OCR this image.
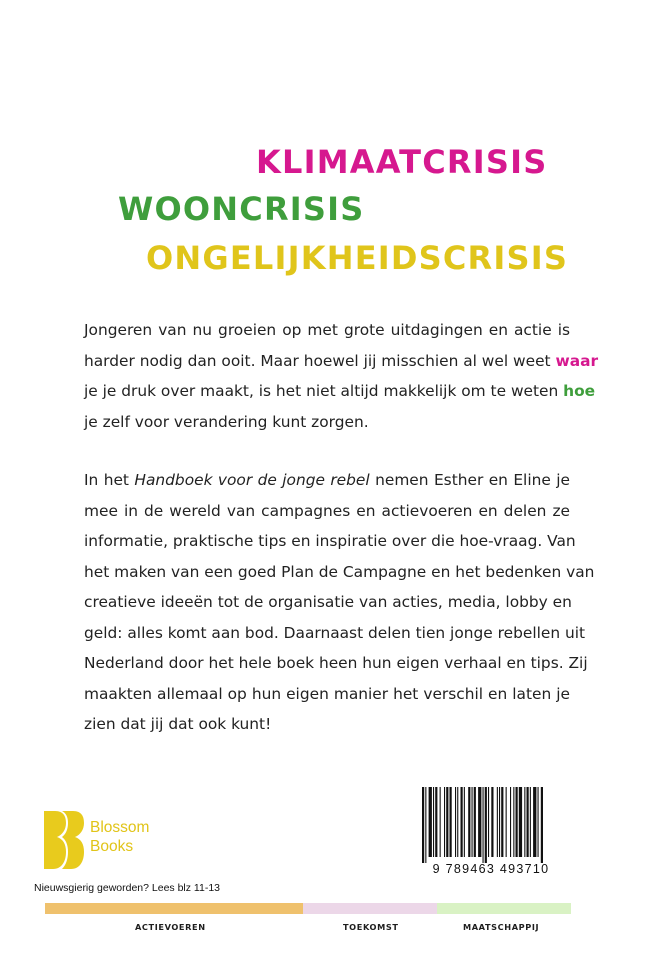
KLIMAATCRISIS
WOONCRISIS
ONGELIJKHEIDSCRISIS
Jongeren van nu groeien op met grote uitdagingen en actie is
harder nodig dan ooit. Maar hoewel jij misschien al wel weet waar
je je druk over maakt, is het niet altijd makkelijk om te weten hoe
je zelf voor verandering kunt zorgen.
In het Handboek voor de jonge rebel nemen Esther en Eline je
mee in de wereld van campagnes en actievoeren en delen ze
informatie, praktische tips en inspiratie over die hoe-vraag. Van
het maken van een goed Plan de Campagne en het bedenken van
creatieve ideeën tot de organisatie van acties, media, lobby en
geld: alles komt aan bod. Daarnaast delen tien jonge rebellen uit
Nederland door het hele boek heen hun eigen verhaal en tips. Zij
maakten allemaal op hun eigen manier het verschil en laten je
zien dat jij dat ook kunt!
Blossom
Books
9 789463 493710
Nieuwsgierig geworden? Lees blz 11-13
ACTIEVOEREN	TOEKOMST	MAATSCHAPPIJ
